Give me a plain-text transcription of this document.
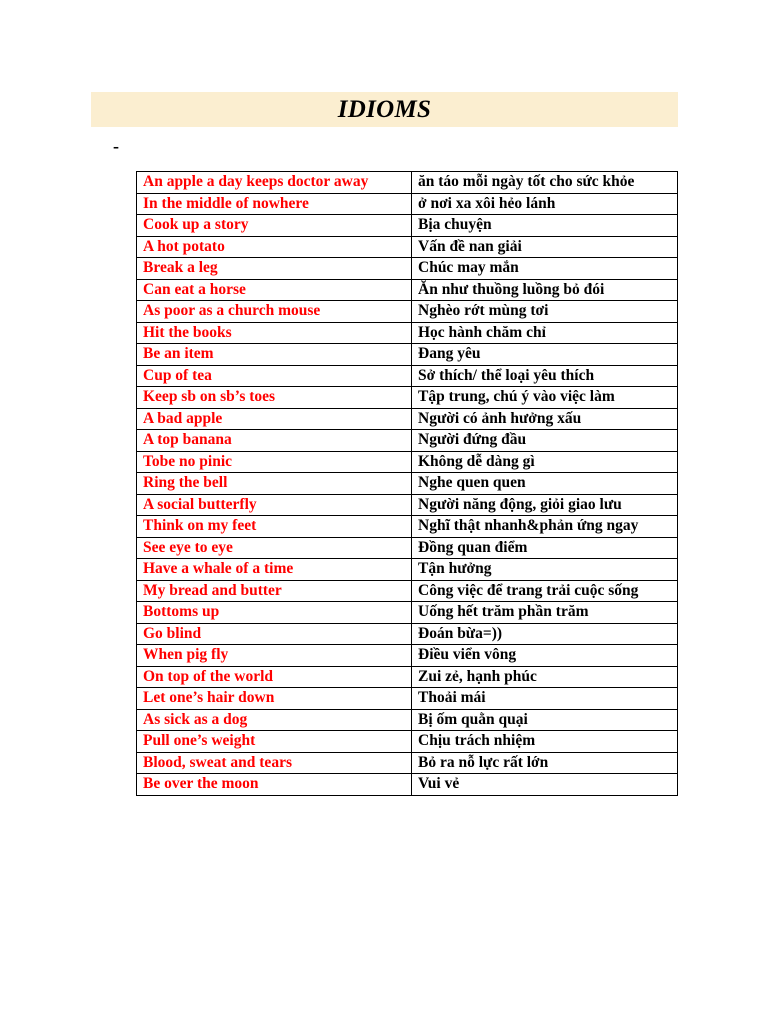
IDIOMS
-
An apple a day keeps doctor away	ăn táo mỗi ngày tốt cho sức khỏe
In the middle of nowhere	ở nơi xa xôi hẻo lánh
Cook up a story	Bịa chuyện
A hot potato	Vấn đề nan giải
Break a leg	Chúc may mắn
Can eat a horse	Ăn như thuồng luồng bỏ đói
As poor as a church mouse	Nghèo rớt mùng tơi
Hit the books	Học hành chăm chỉ
Be an item	Đang yêu
Cup of tea	Sở thích/ thể loại yêu thích
Keep sb on sb’s toes	Tập trung, chú ý vào việc làm
A bad apple	Người có ảnh hưởng xấu
A top banana	Người đứng đầu
Tobe no pinic	Không dễ dàng gì
Ring the bell	Nghe quen quen
A social butterfly	Người năng động, giỏi giao lưu
Think on my feet	Nghĩ thật nhanh&phản ứng ngay
See eye to eye	Đồng quan điểm
Have a whale of a time	Tận hưởng
My bread and butter	Công việc để trang trải cuộc sống
Bottoms up	Uống hết trăm phần trăm
Go blind	Đoán bừa=))
When pig fly	Điều viển vông
On top of the world	Zui zẻ, hạnh phúc
Let one’s hair down	Thoải mái
As sick as a dog	Bị ốm quằn quại
Pull one’s weight	Chịu trách nhiệm
Blood, sweat and tears	Bỏ ra nỗ lực rất lớn
Be over the moon	Vui vẻ
